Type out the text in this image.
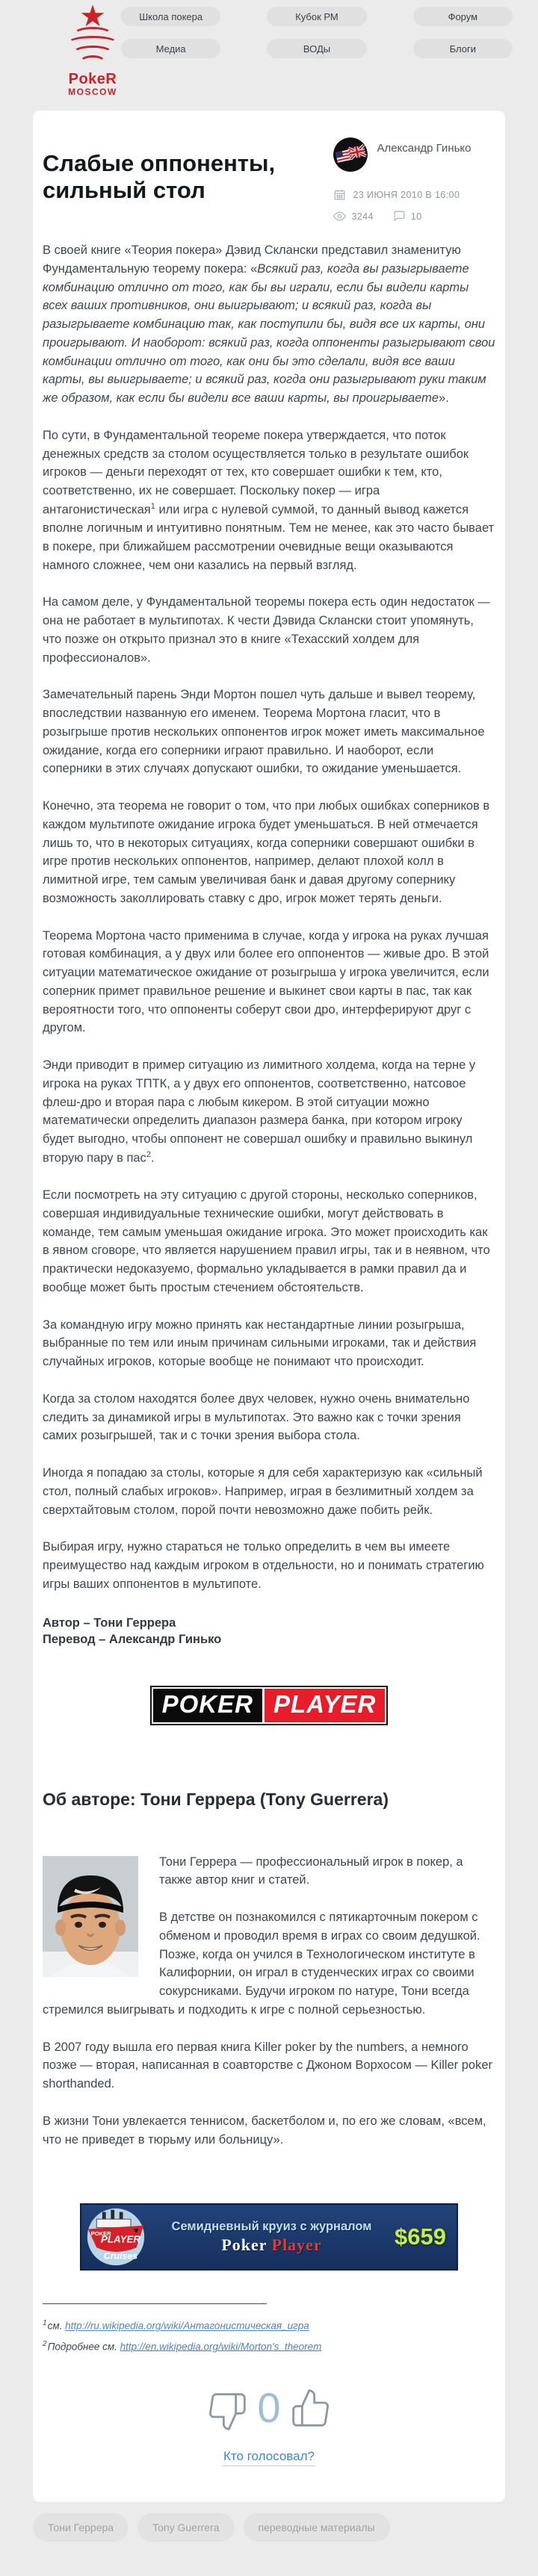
★
PokeR
MOSCOW
Школа покера	Кубок РМ	Форум
Медиа	ВОДы	Блоги
Слабые оппоненты,
сильный стол
Александр Гинько
23 ИЮНЯ 2010 В 16:00
3244	10

В своей книге «Теория покера» Дэвид Склански представил знаменитую Фундаментальную теорему покера: «Всякий раз, когда вы разыгрываете комбинацию отлично от того, как бы вы играли, если бы видели карты всех ваших противников, они выигрывают; и всякий раз, когда вы разыгрываете комбинацию так, как поступили бы, видя все их карты, они проигрывают. И наоборот: всякий раз, когда оппоненты разыгрывают свои комбинации отлично от того, как они бы это сделали, видя все ваши карты, вы выигрываете; и всякий раз, когда они разыгрывают руки таким же образом, как если бы видели все ваши карты, вы проигрываете».

По сути, в Фундаментальной теореме покера утверждается, что поток денежных средств за столом осуществляется только в результате ошибок игроков — деньги переходят от тех, кто совершает ошибки к тем, кто, соответственно, их не совершает. Поскольку покер — игра антагонистическая$^1$ или игра с нулевой суммой, то данный вывод кажется вполне логичным и интуитивно понятным. Тем не менее, как это часто бывает в покере, при ближайшем рассмотрении очевидные вещи оказываются намного сложнее, чем они казались на первый взгляд.

На самом деле, у Фундаментальной теоремы покера есть один недостаток — она не работает в мультипотах. К чести Дэвида Склански стоит упомянуть, что позже он открыто признал это в книге «Техасский холдем для профессионалов».

Замечательный парень Энди Мортон пошел чуть дальше и вывел теорему, впоследствии названную его именем. Теорема Мортона гласит, что в розыгрыше против нескольких оппонентов игрок может иметь максимальное ожидание, когда его соперники играют правильно. И наоборот, если соперники в этих случаях допускают ошибки, то ожидание уменьшается.

Конечно, эта теорема не говорит о том, что при любых ошибках соперников в каждом мультипоте ожидание игрока будет уменьшаться. В ней отмечается лишь то, что в некоторых ситуациях, когда соперники совершают ошибки в игре против нескольких оппонентов, например, делают плохой колл в лимитной игре, тем самым увеличивая банк и давая другому сопернику возможность заколлировать ставку с дро, игрок может терять деньги.

Теорема Мортона часто применима в случае, когда у игрока на руках лучшая готовая комбинация, а у двух или более его оппонентов — живые дро. В этой ситуации математическое ожидание от розыгрыша у игрока увеличится, если соперник примет правильное решение и выкинет свои карты в пас, так как вероятности того, что оппоненты соберут свои дро, интерферируют друг с другом.

Энди приводит в пример ситуацию из лимитного холдема, когда на терне у игрока на руках ТПТК, а у двух его оппонентов, соответственно, натсовое флеш-дро и вторая пара с любым кикером. В этой ситуации можно математически определить диапазон размера банка, при котором игроку будет выгодно, чтобы оппонент не совершал ошибку и правильно выкинул вторую пару в пас$^2$.

Если посмотреть на эту ситуацию с другой стороны, несколько соперников, совершая индивидуальные технические ошибки, могут действовать в команде, тем самым уменьшая ожидание игрока. Это может происходить как в явном сговоре, что является нарушением правил игры, так и в неявном, что практически недоказуемо, формально укладывается в рамки правил да и вообще может быть простым стечением обстоятельств.

За командную игру можно принять как нестандартные линии розыгрыша, выбранные по тем или иным причинам сильными игроками, так и действия случайных игроков, которые вообще не понимают что происходит.

Когда за столом находятся более двух человек, нужно очень внимательно следить за динамикой игры в мультипотах. Это важно как с точки зрения самих розыгрышей, так и с точки зрения выбора стола.

Иногда я попадаю за столы, которые я для себя характеризую как «сильный стол, полный слабых игроков». Например, играя в безлимитный холдем за сверхтайтовым столом, порой почти невозможно даже побить рейк.

Выбирая игру, нужно стараться не только определить в чем вы имеете преимущество над каждым игроком в отдельности, но и понимать стратегию игры ваших оппонентов в мультипоте.

Автор – Тони Геррера

Перевод – Александр Гинько

POKER PLAYER
Об авторе: Тони Геррера (Tony Guerrera)

Тони Геррера — профессиональный игрок в покер, а также автор книг и статей.

В детстве он познакомился с пятикарточным покером с обменом и проводил время в играх со своим дедушкой. Позже, когда он учился в Технологическом институте в Калифорнии, он играл в студенческих играх со своими сокурсниками. Будучи игроком по натуре, Тони всегда стремился выигрывать и подходить к игре с полной серьезностью.

В 2007 году вышла его первая книга Killer poker by the numbers, а немного позже — вторая, написанная в соавторстве с Джоном Ворхосом — Killer poker shorthanded.

В жизни Тони увлекается теннисом, баскетболом и, по его же словам, «всем, что не приведет в тюрьму или больницу».

POKER
PLAYER
♥
Cruises
Семидневный круиз с журналом
Poker Player	$659

$^1$см. http://ru.wikipedia.org/wiki/Антагонистическая_игра

$^2$Подробнее см. http://en.wikipedia.org/wiki/Morton's_theorem

0
Кто голосовал?
Тони Геррера	Tony Guerrera	переводные материалы
